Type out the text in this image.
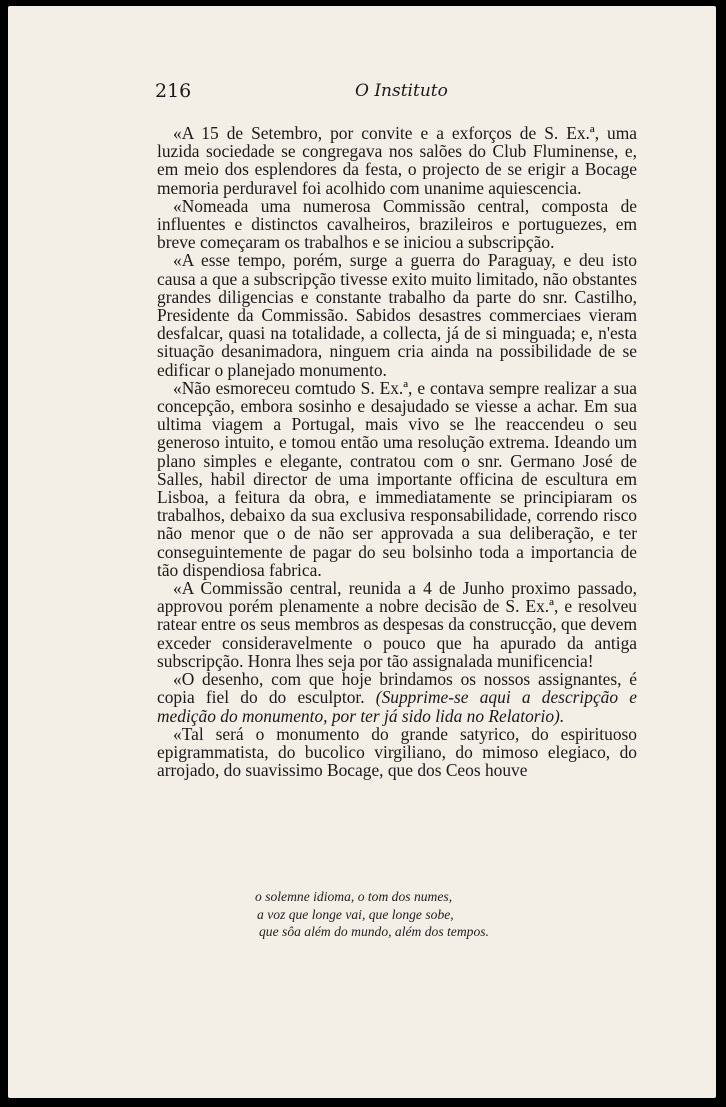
216	O Instituto

«A 15 de Setembro, por convite e a exforços de S. Ex.ª, uma luzida sociedade se congregava nos salões do Club Fluminense, e, em meio dos esplendores da festa, o projecto de se erigir a Bocage memoria perduravel foi acolhido com unanime aquiescencia.

«Nomeada uma numerosa Commissão central, composta de influentes e distinctos cavalheiros, brazileiros e portuguezes, em breve começaram os trabalhos e se iniciou a subscripção.

«A esse tempo, porém, surge a guerra do Paraguay, e deu isto causa a que a subscripção tivesse exito muito limitado, não obstantes grandes diligencias e constante trabalho da parte do snr. Castilho, Presidente da Commissão. Sabidos desastres commerciaes vieram desfalcar, quasi na totalidade, a collecta, já de si minguada; e, n'esta situação desanimadora, ninguem cria ainda na possibilidade de se edificar o planejado monumento.

«Não esmoreceu comtudo S. Ex.ª, e contava sempre realizar a sua concepção, embora sosinho e desajudado se viesse a achar. Em sua ultima viagem a Portugal, mais vivo se lhe reaccendeu o seu generoso intuito, e tomou então uma resolução extrema. Ideando um plano simples e elegante, contratou com o snr. Germano José de Salles, habil director de uma importante officina de escultura em Lisboa, a feitura da obra, e immediatamente se principiaram os trabalhos, debaixo da sua exclusiva responsabilidade, correndo risco não menor que o de não ser approvada a sua deliberação, e ter conseguintemente de pagar do seu bolsinho toda a importancia de tão dispendiosa fabrica.

«A Commissão central, reunida a 4 de Junho proximo passado, approvou porém plenamente a nobre decisão de S. Ex.ª, e resolveu ratear entre os seus membros as despesas da construcção, que devem exceder consideravelmente o pouco que ha apurado da antiga subscripção. Honra lhes seja por tão assignalada munificencia!

«O desenho, com que hoje brindamos os nossos assignantes, é copia fiel do do esculptor. (Supprime-se aqui a descripção e medição do monumento, por ter já sido lida no Relatorio).

«Tal será o monumento do grande satyrico, do espirituoso epigrammatista, do bucolico virgiliano, do mimoso elegiaco, do arrojado, do suavissimo Bocage, que dos Ceos houve

o solemne idioma, o tom dos numes,
a voz que longe vai, que longe sobe,
que sôa além do mundo, além dos tempos.
